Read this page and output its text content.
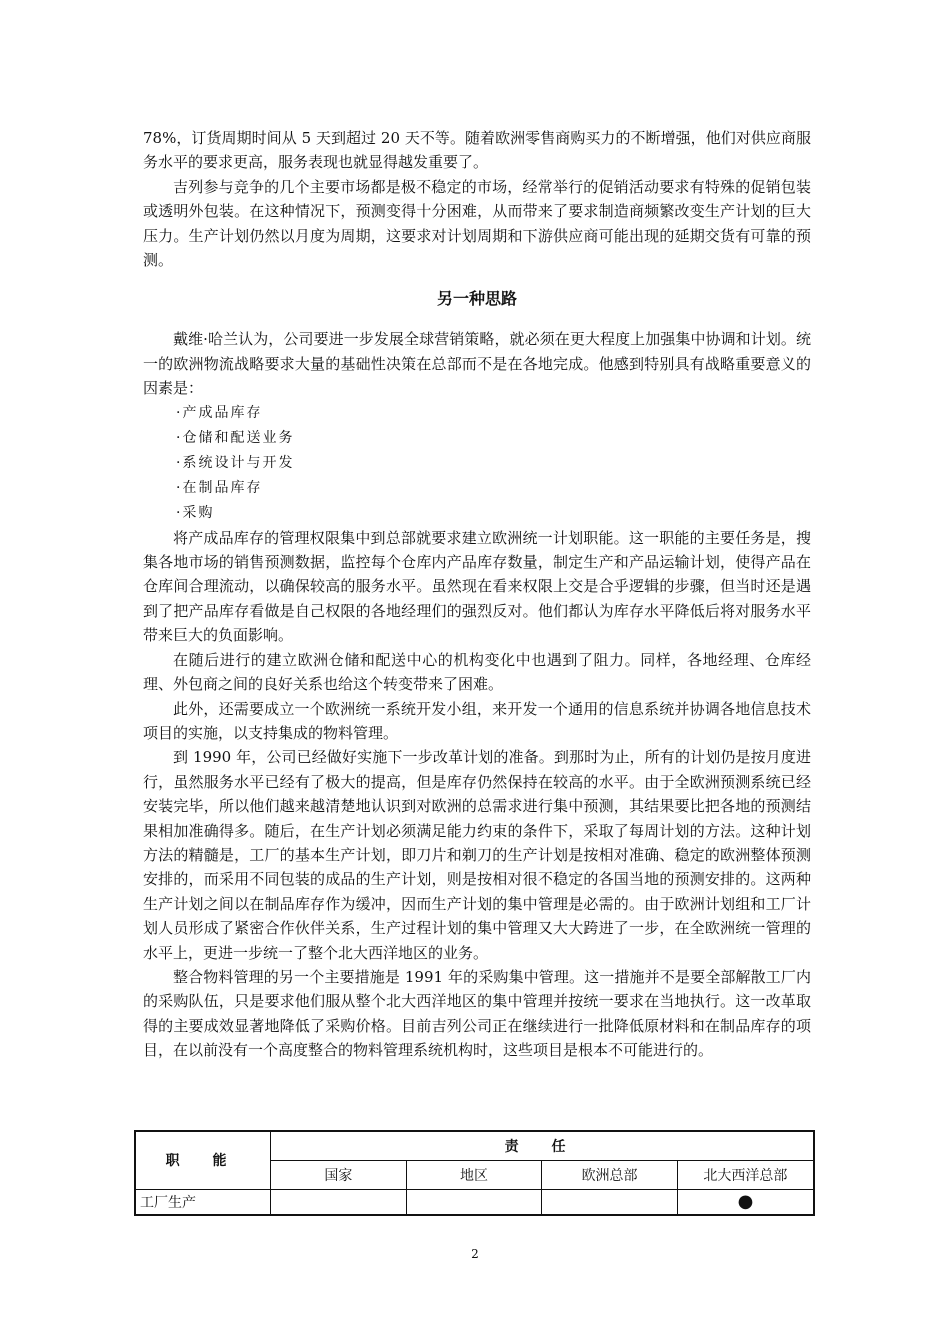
78%，订货周期时间从 5 天到超过 20 天不等。随着欧洲零售商购买力的不断增强，他们对供应商服务水平的要求更高，服务表现也就显得越发重要了。

吉列参与竞争的几个主要市场都是极不稳定的市场，经常举行的促销活动要求有特殊的促销包装或透明外包装。在这种情况下，预测变得十分困难，从而带来了要求制造商频繁改变生产计划的巨大压力。生产计划仍然以月度为周期，这要求对计划周期和下游供应商可能出现的延期交货有可靠的预测。

另一种思路

戴维·哈兰认为，公司要进一步发展全球营销策略，就必须在更大程度上加强集中协调和计划。统一的欧洲物流战略要求大量的基础性决策在总部而不是在各地完成。他感到特别具有战略重要意义的因素是：

·产成品库存
·仓储和配送业务
·系统设计与开发
·在制品库存
·采购

将产成品库存的管理权限集中到总部就要求建立欧洲统一计划职能。这一职能的主要任务是，搜集各地市场的销售预测数据，监控每个仓库内产品库存数量，制定生产和产品运输计划，使得产品在仓库间合理流动，以确保较高的服务水平。虽然现在看来权限上交是合乎逻辑的步骤，但当时还是遇到了把产品库存看做是自己权限的各地经理们的强烈反对。他们都认为库存水平降低后将对服务水平带来巨大的负面影响。

在随后进行的建立欧洲仓储和配送中心的机构变化中也遇到了阻力。同样，各地经理、仓库经理、外包商之间的良好关系也给这个转变带来了困难。

此外，还需要成立一个欧洲统一系统开发小组，来开发一个通用的信息系统并协调各地信息技术项目的实施，以支持集成的物料管理。

到 1990 年，公司已经做好实施下一步改革计划的准备。到那时为止，所有的计划仍是按月度进行，虽然服务水平已经有了极大的提高，但是库存仍然保持在较高的水平。由于全欧洲预测系统已经安装完毕，所以他们越来越清楚地认识到对欧洲的总需求进行集中预测，其结果要比把各地的预测结果相加准确得多。随后，在生产计划必须满足能力约束的条件下，采取了每周计划的方法。这种计划方法的精髓是，工厂的基本生产计划，即刀片和剃刀的生产计划是按相对准确、稳定的欧洲整体预测安排的，而采用不同包装的成品的生产计划，则是按相对很不稳定的各国当地的预测安排的。这两种生产计划之间以在制品库存作为缓冲，因而生产计划的集中管理是必需的。由于欧洲计划组和工厂计划人员形成了紧密合作伙伴关系，生产过程计划的集中管理又大大跨进了一步，在全欧洲统一管理的水平上，更进一步统一了整个北大西洋地区的业务。

整合物料管理的另一个主要措施是 1991 年的采购集中管理。这一措施并不是要全部解散工厂内的采购队伍，只是要求他们服从整个北大西洋地区的集中管理并按统一要求在当地执行。这一改革取得的主要成效显著地降低了采购价格。目前吉列公司正在继续进行一批降低原材料和在制品库存的项目，在以前没有一个高度整合的物料管理系统机构时，这些项目是根本不可能进行的。

职 能	责 任			
	国家	地区	欧洲总部	北大西洋总部
工厂生产				●
2
